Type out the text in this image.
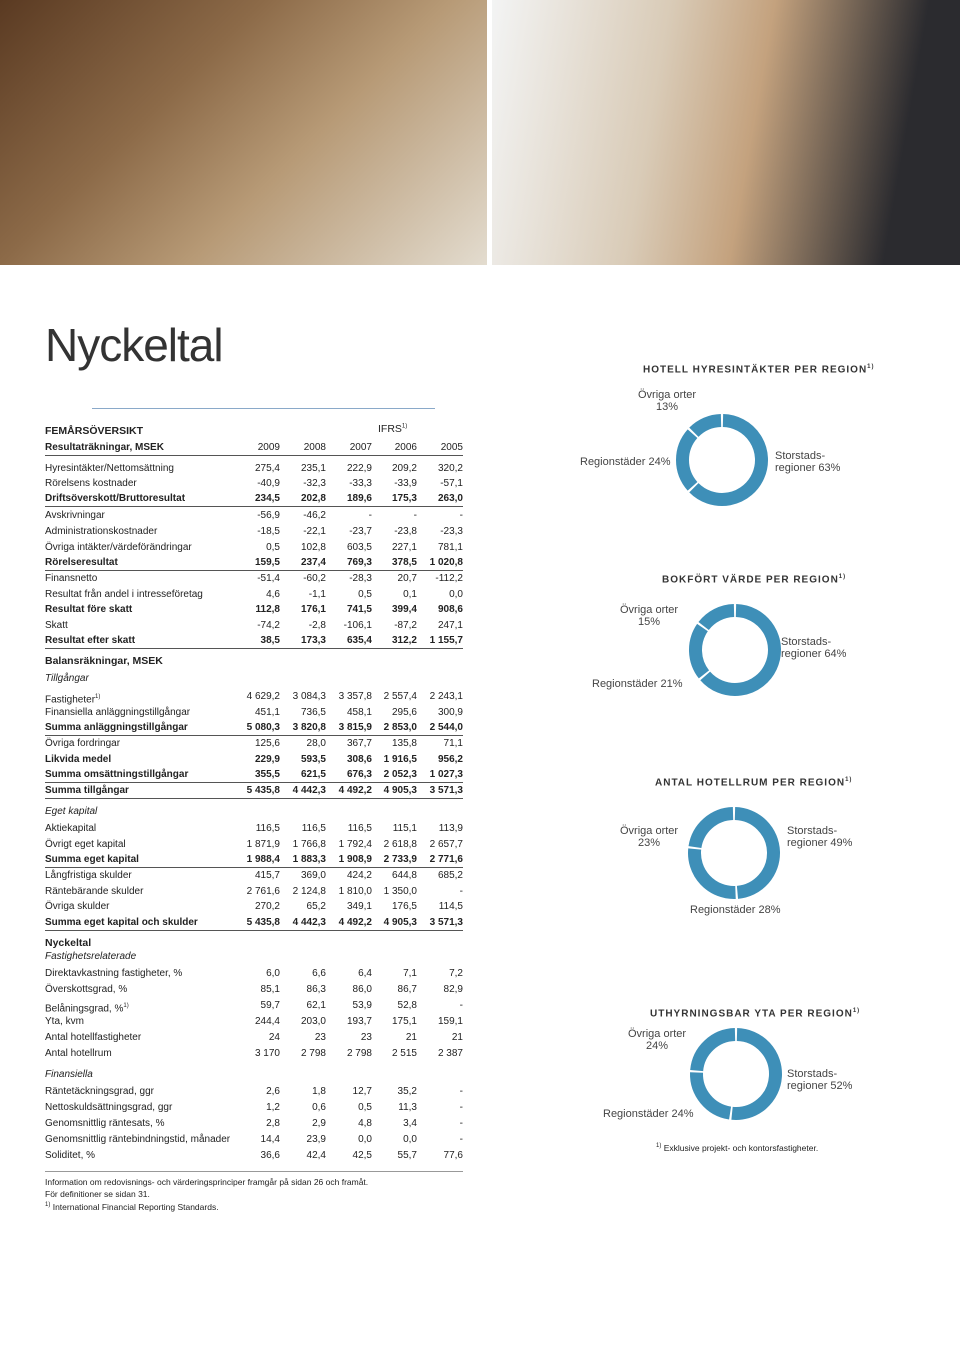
Nyckeltal
IFRS$^{1)}$
FEMÅRSÖVERSIKT
Resultaträkningar, MSEK	2009	2008	2007	2006	2005
Hyresintäkter/Nettomsättning	275,4	235,1	222,9	209,2	320,2
Rörelsens kostnader	-40,9	-32,3	-33,3	-33,9	-57,1
Driftsöverskott/Bruttoresultat	234,5	202,8	189,6	175,3	263,0
Avskrivningar	-56,9	-46,2	-	-	-
Administrationskostnader	-18,5	-22,1	-23,7	-23,8	-23,3
Övriga intäkter/värdeförändringar	0,5	102,8	603,5	227,1	781,1
Rörelseresultat	159,5	237,4	769,3	378,5	1 020,8
Finansnetto	-51,4	-60,2	-28,3	20,7	-112,2
Resultat från andel i intresseföretag	4,6	-1,1	0,5	0,1	0,0
Resultat före skatt	112,8	176,1	741,5	399,4	908,6
Skatt	-74,2	-2,8	-106,1	-87,2	247,1
Resultat efter skatt	38,5	173,3	635,4	312,2	1 155,7
Balansräkningar, MSEK
Tillgångar
Fastigheter$^{1)}$	4 629,2	3 084,3	3 357,8	2 557,4	2 243,1
Finansiella anläggningstillgångar	451,1	736,5	458,1	295,6	300,9
Summa anläggningstillgångar	5 080,3	3 820,8	3 815,9	2 853,0	2 544,0
Övriga fordringar	125,6	28,0	367,7	135,8	71,1
Likvida medel	229,9	593,5	308,6	1 916,5	956,2
Summa omsättningstillgångar	355,5	621,5	676,3	2 052,3	1 027,3
Summa tillgångar	5 435,8	4 442,3	4 492,2	4 905,3	3 571,3
Eget kapital
Aktiekapital	116,5	116,5	116,5	115,1	113,9
Övrigt eget kapital	1 871,9	1 766,8	1 792,4	2 618,8	2 657,7
Summa eget kapital	1 988,4	1 883,3	1 908,9	2 733,9	2 771,6
Långfristiga skulder	415,7	369,0	424,2	644,8	685,2
Räntebärande skulder	2 761,6	2 124,8	1 810,0	1 350,0	-
Övriga skulder	270,2	65,2	349,1	176,5	114,5
Summa eget kapital och skulder	5 435,8	4 442,3	4 492,2	4 905,3	3 571,3
Nyckeltal
Fastighetsrelaterade
Direktavkastning fastigheter, %	6,0	6,6	6,4	7,1	7,2
Överskottsgrad, %	85,1	86,3	86,0	86,7	82,9
Belåningsgrad, %$^{1)}$	59,7	62,1	53,9	52,8	-
Yta, kvm	244,4	203,0	193,7	175,1	159,1
Antal hotellfastigheter	24	23	23	21	21
Antal hotellrum	3 170	2 798	2 798	2 515	2 387
Finansiella
Räntetäckningsgrad, ggr	2,6	1,8	12,7	35,2	-
Nettoskuldsättningsgrad, ggr	1,2	0,6	0,5	11,3	-
Genomsnittlig räntesats, %	2,8	2,9	4,8	3,4	-
Genomsnittlig räntebindningstid, månader	14,4	23,9	0,0	0,0	-
Soliditet, %	36,6	42,4	42,5	55,7	77,6
Information om redovisnings- och värderingsprinciper framgår på sidan 26 och framåt.
För definitioner se sidan 31.
$^{1)}$ International Financial Reporting Standards.
HOTELL HYRESINTÄKTER PER REGION$^{1)}$
Storstads-
regioner 63%
Regionstäder 24%
Övriga orter
13%
BOKFÖRT VÄRDE PER REGION$^{1)}$
Storstads-
regioner 64%
Regionstäder 21%
Övriga orter
15%
ANTAL HOTELLRUM PER REGION$^{1)}$
Storstads-
regioner 49%
Regionstäder 28%
Övriga orter
23%
UTHYRNINGSBAR YTA PER REGION$^{1)}$
Storstads-
regioner 52%
Regionstäder 24%
Övriga orter
24%
$^{1)}$ Exklusive projekt- och kontorsfastigheter.
